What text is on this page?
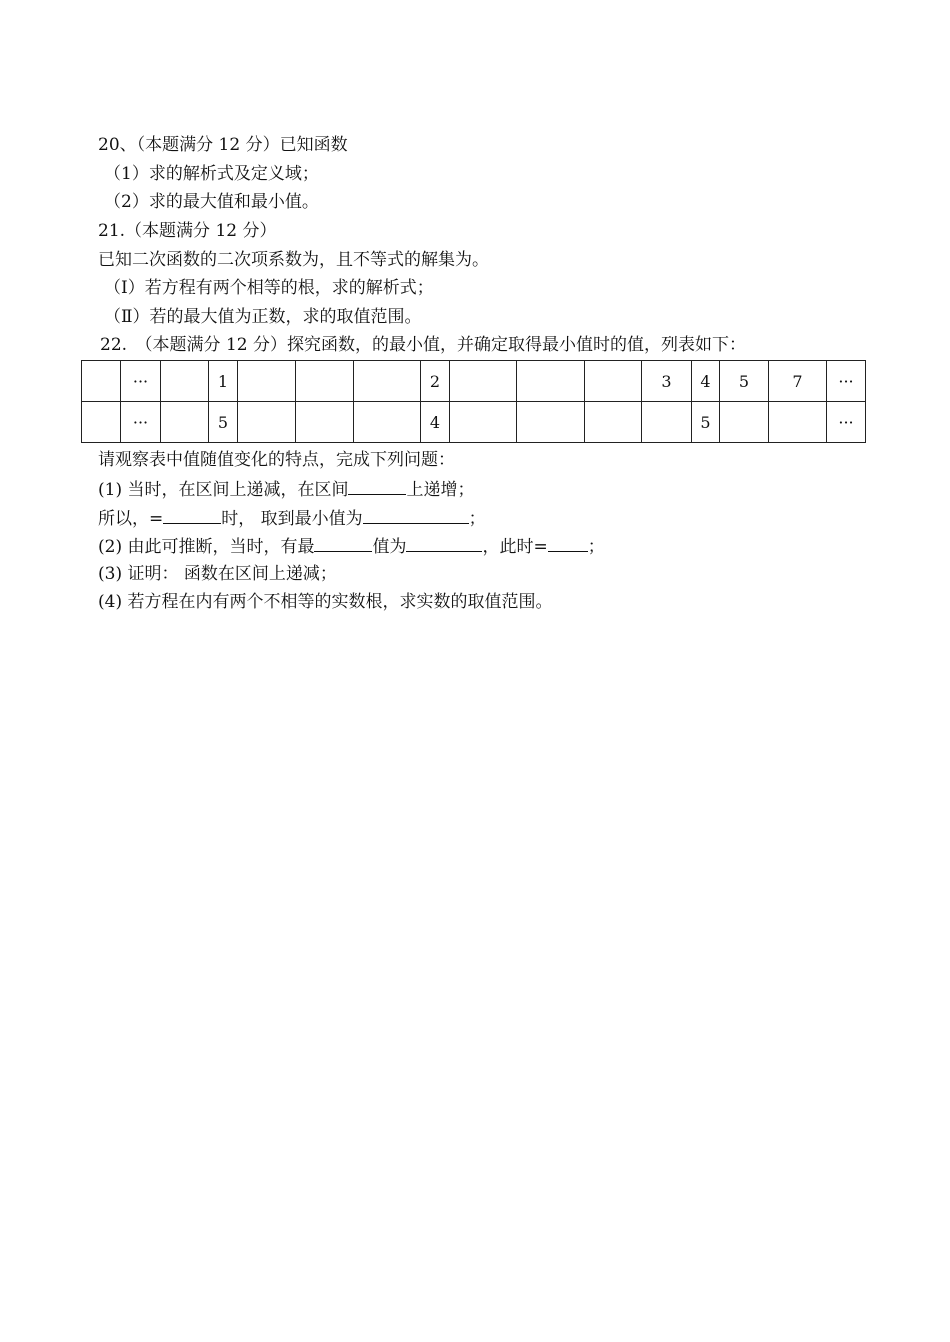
20、（本题满分 12 分）已知函数
（1）求的解析式及定义域；
（2）求的最大值和最小值。
21.（本题满分 12 分）
已知二次函数的二次项系数为，且不等式的解集为。
（Ⅰ）若方程有两个相等的根，求的解析式；
（Ⅱ）若的最大值为正数，求的取值范围。
22.　（本题满分 12 分）探究函数，的最小值，并确定取得最小值时的值，列表如下：
	···		1				2				3	4	5	7	···
	···		5				4					5			···
请观察表中值随值变化的特点，完成下列问题：
(1) 当时，在区间上递减，在区间	上递增；
所以，=	时， 取到最小值为	；
(2) 由此可推断，当时，有最	值为	，此时= ；
(3) 证明： 函数在区间上递减；
(4) 若方程在内有两个不相等的实数根，求实数的取值范围。
